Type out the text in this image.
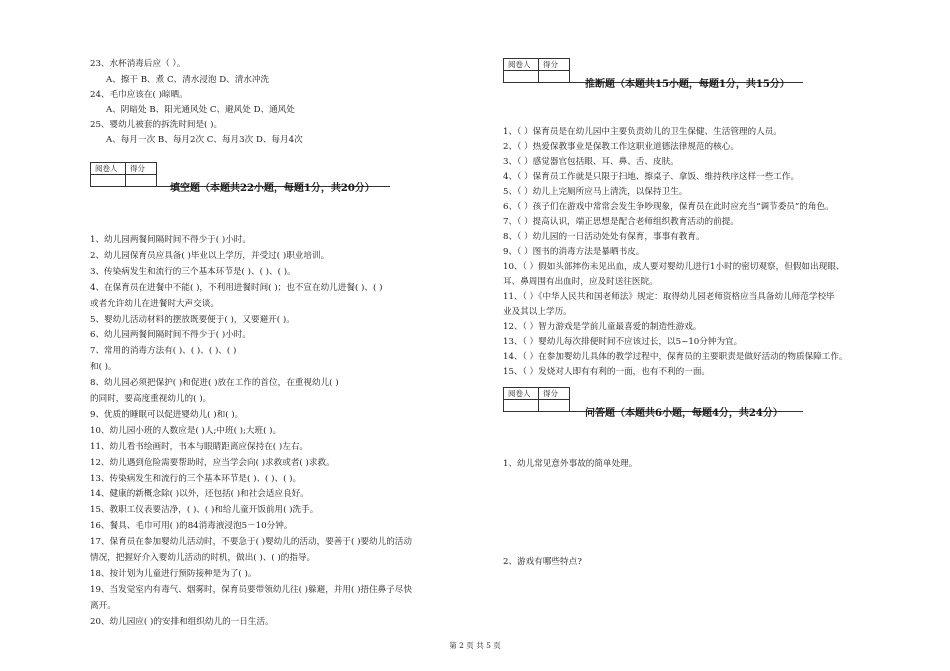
23、水杯消毒后应（ ）。
A、擦干 B、煮 C、清水浸泡 D、清水冲洗
24、毛巾应该在( )晾晒。
A、阴暗处 B、阳光通风处 C、避风处 D、通风处
25、婴幼儿被套的拆洗时间是( )。
A、每月一次 B、每月2次 C、每月3次 D、每月4次
阅卷人	得分

填空题（本题共22小题，每题1分，共20分）
1、幼儿园两餐间隔时间不得少于( )小时。
2、幼儿园保育员应具备( )毕业以上学历，并受过( )职业培训。
3、传染病发生和流行的三个基本环节是( )、( )、( )。
4、在保育员在进餐中不能( )，不利用进餐时间( )；也不宣在幼儿进餐( )、( )
或者允许幼儿在进餐时大声交谈。
5、婴幼儿活动材料的摆放既要便于( )，又要避开( )。
6、幼儿园两餐间隔时间不得少于( )小时。
7、常用的消毒方法有( )、( )、( )、( )
和( )。
8、幼儿园必须把保护( )和促进( )放在工作的首位，在重视幼儿( )
的同时，要高度重视幼儿的( )。
9、优质的睡眠可以促进婴幼儿( )和( )。
10、幼儿园小班的人数应是( )人;中班( );大班( )。
11、幼儿看书绘画时，书本与眼睛距离应保持在( )左右。
12、幼儿遇到危险需要帮助时，应当学会向( )求救或者( )求救。
13、传染病发生和流行的三个基本环节是( )、( )、( )。
14、健康的新概念除( )以外，还包括( )和社会适应良好。
15、教职工仪表要洁净，( )、( )和给儿童开饭前用( )洗手。
16、餐具、毛巾可用( )的84消毒液浸泡5－10分钟。
17、保育员在参加婴幼儿活动时，不要急于( )婴幼儿的活动，要善于( )要幼儿的活动
情况，把握好介入婴幼儿活动的时机，做出( )、( )的指导。
18、按计划为儿童进行预防接种是为了( )。
19、当发觉室内有毒气、烟雾时，保育员要带领幼儿往( )躲避，并用( )捂住鼻子尽快
离开。
20、幼儿园应( )的安排和组织幼儿的一日生活。
阅卷人	得分

推断题（本题共15小题，每题1分，共15分）
1、（ ）保育员是在幼儿园中主要负责幼儿的卫生保健、生活管理的人员。
2、（ ）热爱保教事业是保教工作这职业道德法律规范的核心。
3、（ ）感觉器官包括眼、耳、鼻、舌、皮肤。
4、（ ）保育员工作就是只限于扫地、擦桌子、拿饭、维持秩序这样一些工作。
5、（ ）幼儿上完厕所应马上清洗，以保持卫生。
6、（ ）孩子们在游戏中常常会发生争吵现象，保育员在此时应充当“调节委员”的角色。
7、（ ）提高认识，端正思想是配合老师组织教育活动的前提。
8、（ ）幼儿园的一日活动处处有保育，事事有教育。
9、（ ）图书的消毒方法是暴晒书皮。
10、（ ）假如头部摔伤未见出血，成人要对婴幼儿进行1小时的密切观察，但假如出现眼、
耳、鼻周围有出血时，应及时送往医院。
11、（ ）《中华人民共和国老师法》规定：取得幼儿园老师资格应当具备幼儿师范学校毕
业及其以上学历。
12、（ ）智力游戏是学前儿童最喜爱的制造性游戏。
13、（ ）婴幼儿每次排便时间不应该过长，以5~10分钟为宜。
14、（ ）在参加婴幼儿具体的教学过程中，保育员的主要职责是做好活动的物质保障工作。
15、（ ）发烧对人即有有利的一面，也有不利的一面。
阅卷人	得分

问答题（本题共6小题，每题4分，共24分）
1、幼儿常见意外事故的简单处理。
2、游戏有哪些特点?
第 2 页 共 5 页
